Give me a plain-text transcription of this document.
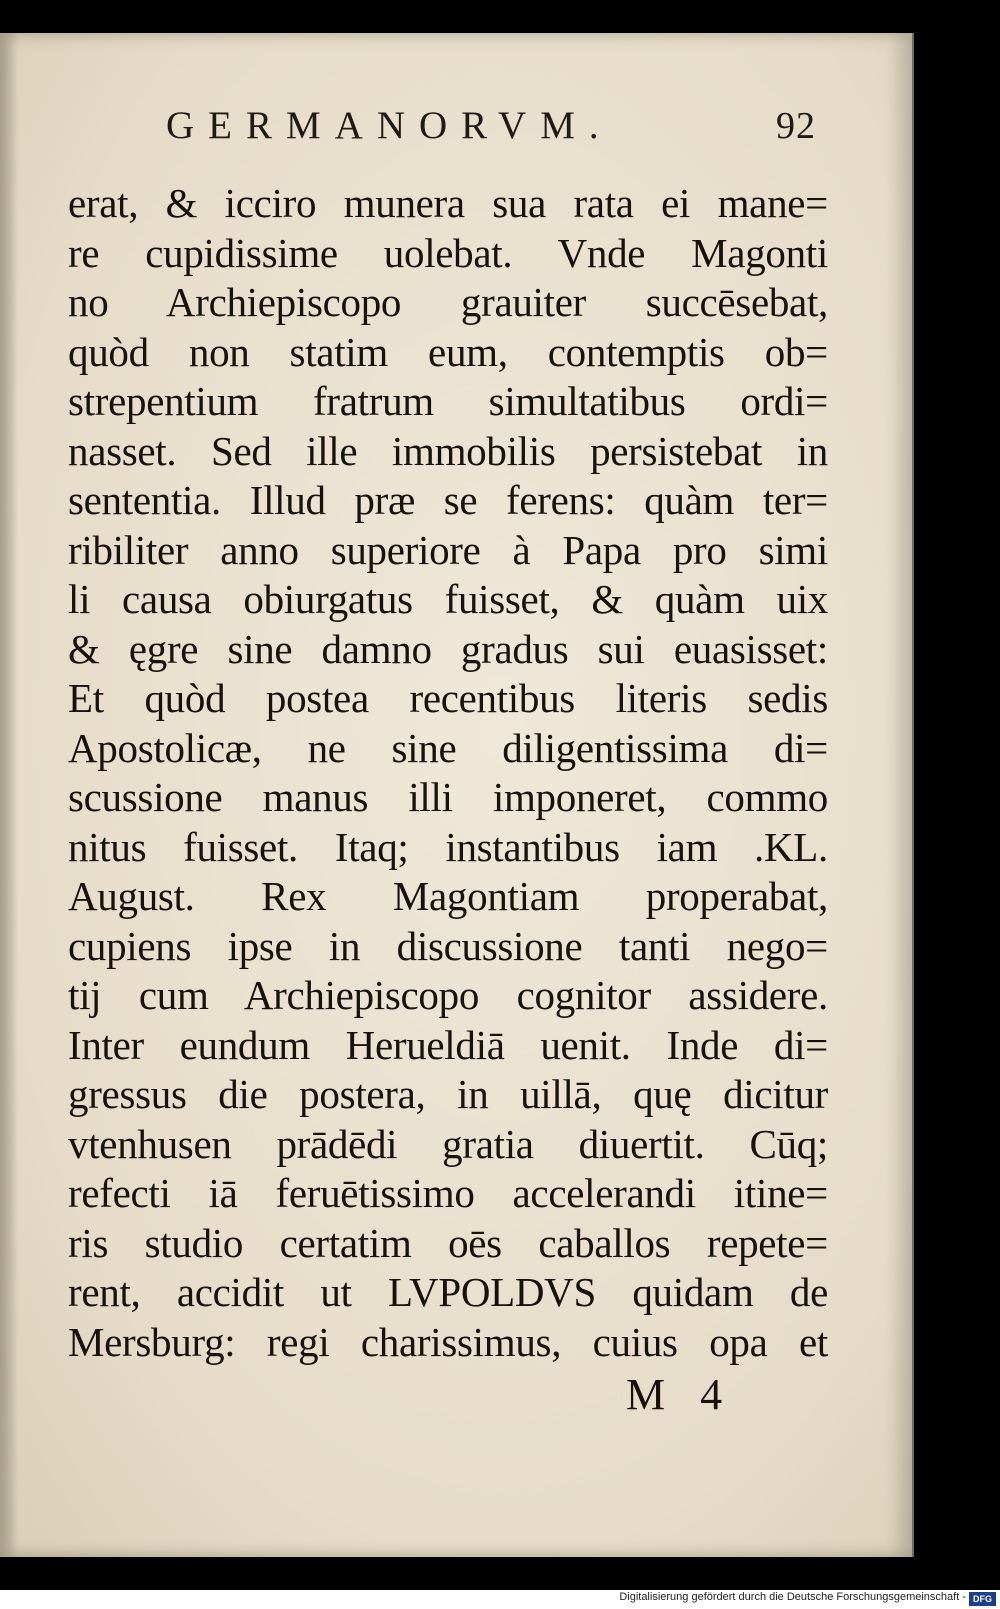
GERMANORVM.	92
erat, & icciro munera sua rata ei mane=
re cupidissime uolebat. Vnde Magonti
no Archiepiscopo grauiter succēsebat,
quòd non statim eum, contemptis ob=
strepentium fratrum simultatibus ordi=
nasset. Sed ille immobilis persistebat in
sententia. Illud præ se ferens: quàm ter=
ribiliter anno superiore à Papa pro simi
li causa obiurgatus fuisset, & quàm uix
& ęgre sine damno gradus sui euasisset:
Et quòd postea recentibus literis sedis
Apostolicæ, ne sine diligentissima di=
scussione manus illi imponeret, commo
nitus fuisset. Itaq; instantibus iam .KL.
August. Rex Magontiam properabat,
cupiens ipse in discussione tanti nego=
tij cum Archiepiscopo cognitor assidere.
Inter eundum Herueldiā uenit. Inde di=
gressus die postera, in uillā, quę dicitur
vtenhusen prādēdi gratia diuertit. Cūq;
refecti iā feruētissimo accelerandi itine=
ris studio certatim oēs caballos repete=
rent, accidit ut LVPOLDVS quidam de
Mersburg: regi charissimus, cuius opa et
M 4
Digitalisierung gefördert durch die Deutsche Forschungsgemeinschaft - DFG
